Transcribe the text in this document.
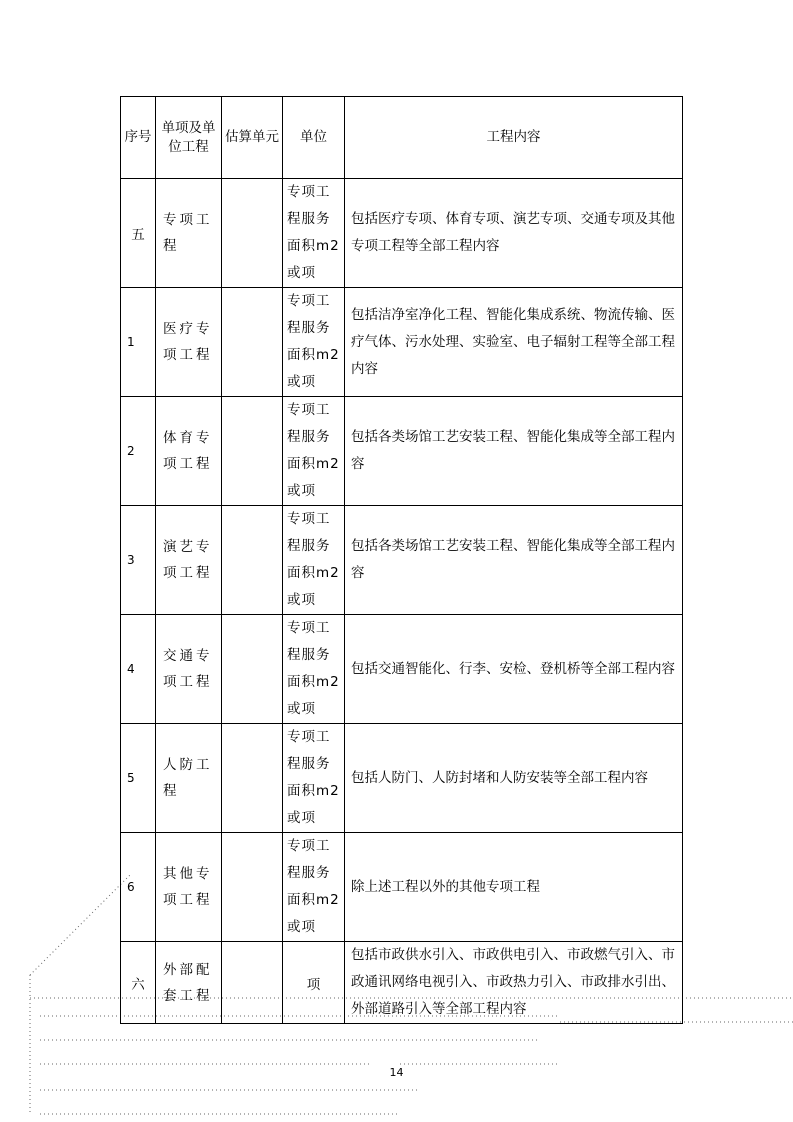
序号	单项及单位工程	估算单元	单位	工程内容
五	专项工程		专项工程服务面积m2或项	包括医疗专项、体育专项、演艺专项、交通专项及其他专项工程等全部工程内容
1	医疗专项工程		专项工程服务面积m2或项	包括洁净室净化工程、智能化集成系统、物流传输、医疗气体、污水处理、实验室、电子辐射工程等全部工程内容
2	体育专项工程		专项工程服务面积m2或项	包括各类场馆工艺安装工程、智能化集成等全部工程内容
3	演艺专项工程		专项工程服务面积m2或项	包括各类场馆工艺安装工程、智能化集成等全部工程内容
4	交通专项工程		专项工程服务面积m2或项	包括交通智能化、行李、安检、登机桥等全部工程内容
5	人防工程		专项工程服务面积m2或项	包括人防门、人防封堵和人防安装等全部工程内容
6	其他专项工程		专项工程服务面积m2或项	除上述工程以外的其他专项工程
六	外部配套工程		项	包括市政供水引入、市政供电引入、市政燃气引入、市政通讯网络电视引入、市政热力引入、市政排水引出、外部道路引入等全部工程内容
14
